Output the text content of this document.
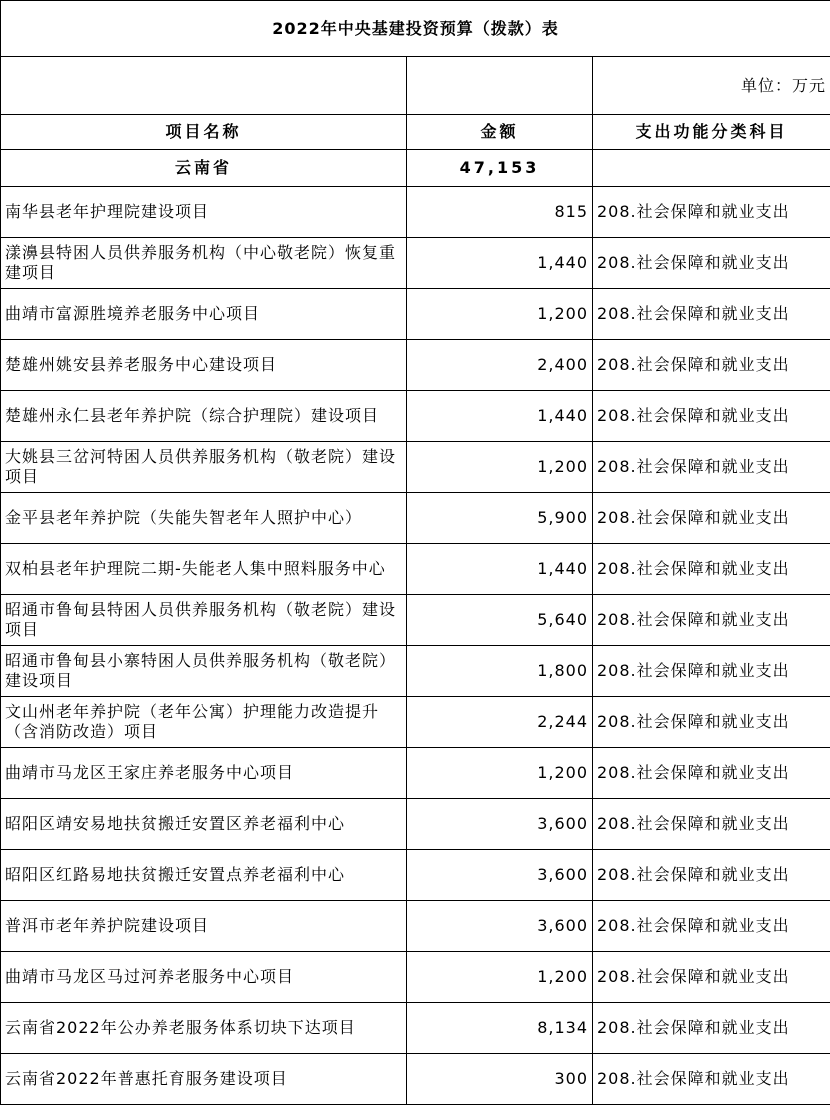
2022年中央基建投资预算（拨款）表		
		单位：万元
项目名称	金额	支出功能分类科目
云南省	47,153	
南华县老年护理院建设项目	815	208.社会保障和就业支出
漾濞县特困人员供养服务机构（中心敬老院）恢复重建项目	1,440	208.社会保障和就业支出
曲靖市富源胜境养老服务中心项目	1,200	208.社会保障和就业支出
楚雄州姚安县养老服务中心建设项目	2,400	208.社会保障和就业支出
楚雄州永仁县老年养护院（综合护理院）建设项目	1,440	208.社会保障和就业支出
大姚县三岔河特困人员供养服务机构（敬老院）建设项目	1,200	208.社会保障和就业支出
金平县老年养护院（失能失智老年人照护中心）	5,900	208.社会保障和就业支出
双柏县老年护理院二期-失能老人集中照料服务中心	1,440	208.社会保障和就业支出
昭通市鲁甸县特困人员供养服务机构（敬老院）建设项目	5,640	208.社会保障和就业支出
昭通市鲁甸县小寨特困人员供养服务机构（敬老院）建设项目	1,800	208.社会保障和就业支出
文山州老年养护院（老年公寓）护理能力改造提升（含消防改造）项目	2,244	208.社会保障和就业支出
曲靖市马龙区王家庄养老服务中心项目	1,200	208.社会保障和就业支出
昭阳区靖安易地扶贫搬迁安置区养老福利中心	3,600	208.社会保障和就业支出
昭阳区红路易地扶贫搬迁安置点养老福利中心	3,600	208.社会保障和就业支出
普洱市老年养护院建设项目	3,600	208.社会保障和就业支出
曲靖市马龙区马过河养老服务中心项目	1,200	208.社会保障和就业支出
云南省2022年公办养老服务体系切块下达项目	8,134	208.社会保障和就业支出
云南省2022年普惠托育服务建设项目	300	208.社会保障和就业支出
